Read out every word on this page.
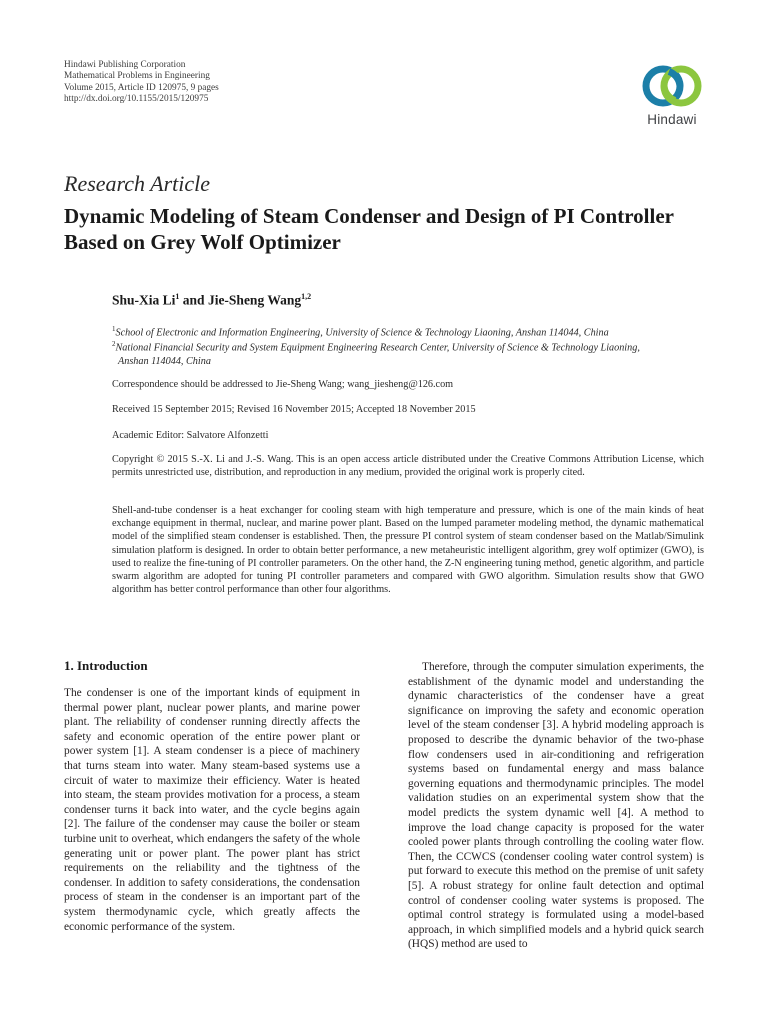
Hindawi Publishing Corporation
Mathematical Problems in Engineering
Volume 2015, Article ID 120975, 9 pages
http://dx.doi.org/10.1155/2015/120975
Hindawi
Research Article
Dynamic Modeling of Steam Condenser and Design of PI Controller Based on Grey Wolf Optimizer
Shu-Xia Li$^1$ and Jie-Sheng Wang$^{1,2}$
$^1$School of Electronic and Information Engineering, University of Science & Technology Liaoning, Anshan 114044, China
$^2$National Financial Security and System Equipment Engineering Research Center, University of Science & Technology Liaoning,
Anshan 114044, China
Correspondence should be addressed to Jie-Sheng Wang; wang_jiesheng@126.com
Received 15 September 2015; Revised 16 November 2015; Accepted 18 November 2015
Academic Editor: Salvatore Alfonzetti
Copyright © 2015 S.-X. Li and J.-S. Wang. This is an open access article distributed under the Creative Commons Attribution License, which permits unrestricted use, distribution, and reproduction in any medium, provided the original work is properly cited.
Shell-and-tube condenser is a heat exchanger for cooling steam with high temperature and pressure, which is one of the main kinds of heat exchange equipment in thermal, nuclear, and marine power plant. Based on the lumped parameter modeling method, the dynamic mathematical model of the simplified steam condenser is established. Then, the pressure PI control system of steam condenser based on the Matlab/Simulink simulation platform is designed. In order to obtain better performance, a new metaheuristic intelligent algorithm, grey wolf optimizer (GWO), is used to realize the fine-tuning of PI controller parameters. On the other hand, the Z-N engineering tuning method, genetic algorithm, and particle swarm algorithm are adopted for tuning PI controller parameters and compared with GWO algorithm. Simulation results show that GWO algorithm has better control performance than other four algorithms.
1. Introduction

The condenser is one of the important kinds of equipment in thermal power plant, nuclear power plants, and marine power plant. The reliability of condenser running directly affects the safety and economic operation of the entire power plant or power system [1]. A steam condenser is a piece of machinery that turns steam into water. Many steam-based systems use a circuit of water to maximize their efficiency. Water is heated into steam, the steam provides motivation for a process, a steam condenser turns it back into water, and the cycle begins again [2]. The failure of the condenser may cause the boiler or steam turbine unit to overheat, which endangers the safety of the whole generating unit or power plant. The power plant has strict requirements on the reliability and the tightness of the condenser. In addition to safety considerations, the condensation process of steam in the condenser is an important part of the system thermodynamic cycle, which greatly affects the economic performance of the system.

Therefore, through the computer simulation experiments, the establishment of the dynamic model and understanding the dynamic characteristics of the condenser have a great significance on improving the safety and economic operation level of the steam condenser [3]. A hybrid modeling approach is proposed to describe the dynamic behavior of the two-phase flow condensers used in air-conditioning and refrigeration systems based on fundamental energy and mass balance governing equations and thermodynamic principles. The model validation studies on an experimental system show that the model predicts the system dynamic well [4]. A method to improve the load change capacity is proposed for the water cooled power plants through controlling the cooling water flow. Then, the CCWCS (condenser cooling water control system) is put forward to execute this method on the premise of unit safety [5]. A robust strategy for online fault detection and optimal control of condenser cooling water systems is proposed. The optimal control strategy is formulated using a model-based approach, in which simplified models and a hybrid quick search (HQS) method are used to
